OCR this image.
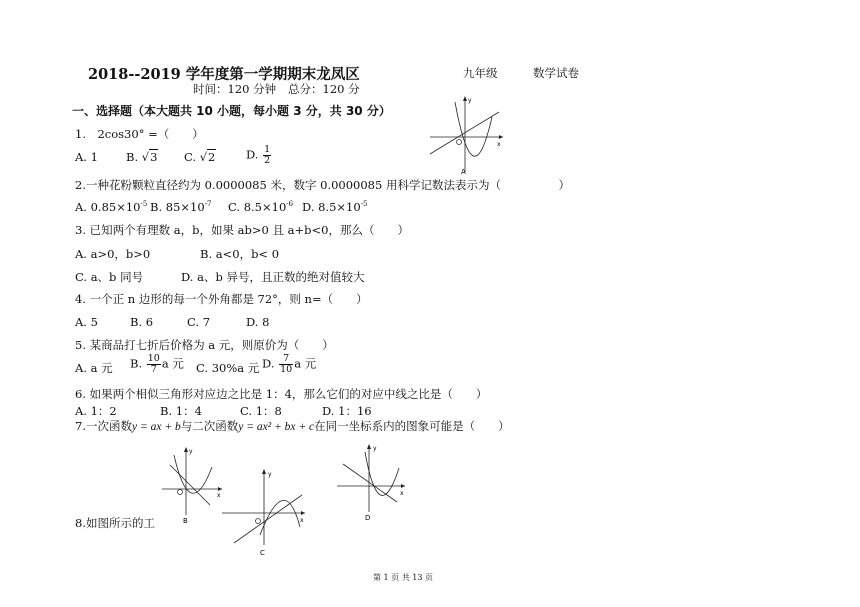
2018--2019 学年度第一学期期末龙凤区	九年级	数学试卷
时间：120 分钟 总分：120 分
一、选择题（本大题共 10 小题，每小题 3 分，共 30 分）
1.　2cos30° =（　　）
A. 1 B. √3 C. √2	D. $\frac{1}{2}$
2.一种花粉颗粒直径约为 0.0000085 米，数字 0.0000085 用科学记数法表示为（　　　　　）
A. $0.85\times 10^{-5}$ B. $85\times 10^{-7}$ C. $8.5\times 10^{-6}$ D. $8.5\times 10^{-5}$
3. 已知两个有理数 a，b，如果 ab>0 且 a+b<0，那么（　　）
A. a>0，b>0	B. a<0，b< 0
C. a、b 同号	D. a、b 异号，且正数的绝对值较大
4. 一个正 n 边形的每一个外角都是 72°，则 n=（　　）
A. 5	B. 6	C. 7	D. 8
5. 某商品打七折后价格为 a 元，则原价为（　　）
A. a 元 B. $\frac{10}{7}$ a 元 C. 30%a 元 D. $\frac{7}{10}$ a 元
6. 如果两个相似三角形对应边之比是 1：4，那么它们的对应中线之比是（　　）
A. 1：2	B. 1：4	C. 1：8	D. 1：16
7.一次函数y = ax + b与二次函数y = ax² + bx + c在同一坐标系内的图象可能是（　　）
8.如图所示的工
y
x
A
y
x
B
y
x
C
y
x
D
第 1 页 共 13 页
